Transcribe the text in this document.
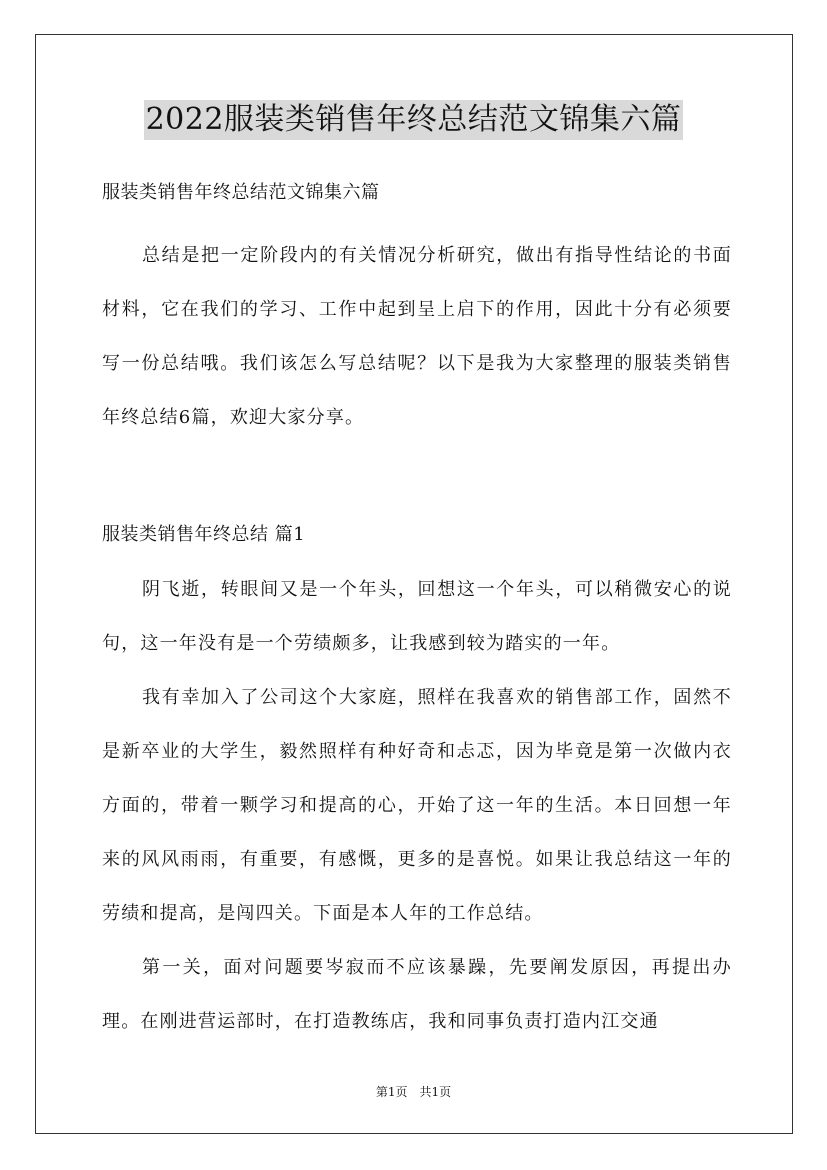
2022服装类销售年终总结范文锦集六篇

服装类销售年终总结范文锦集六篇

总结是把一定阶段内的有关情况分析研究，做出有指导性结论的书面材料，它在我们的学习、工作中起到呈上启下的作用，因此十分有必须要写一份总结哦。我们该怎么写总结呢？以下是我为大家整理的服装类销售年终总结6篇，欢迎大家分享。

服装类销售年终总结 篇1

阴飞逝，转眼间又是一个年头，回想这一个年头，可以稍微安心的说句，这一年没有是一个劳绩颇多，让我感到较为踏实的一年。

我有幸加入了公司这个大家庭，照样在我喜欢的销售部工作，固然不是新卒业的大学生，毅然照样有种好奇和忐忑，因为毕竟是第一次做内衣方面的，带着一颗学习和提高的心，开始了这一年的生活。本日回想一年来的风风雨雨，有重要，有感慨，更多的是喜悦。如果让我总结这一年的劳绩和提高，是闯四关。下面是本人年的工作总结。

第一关，面对问题要岑寂而不应该暴躁，先要阐发原因，再提出办理。在刚进营运部时，在打造教练店，我和同事负责打造内江交通

第1页　共1页
